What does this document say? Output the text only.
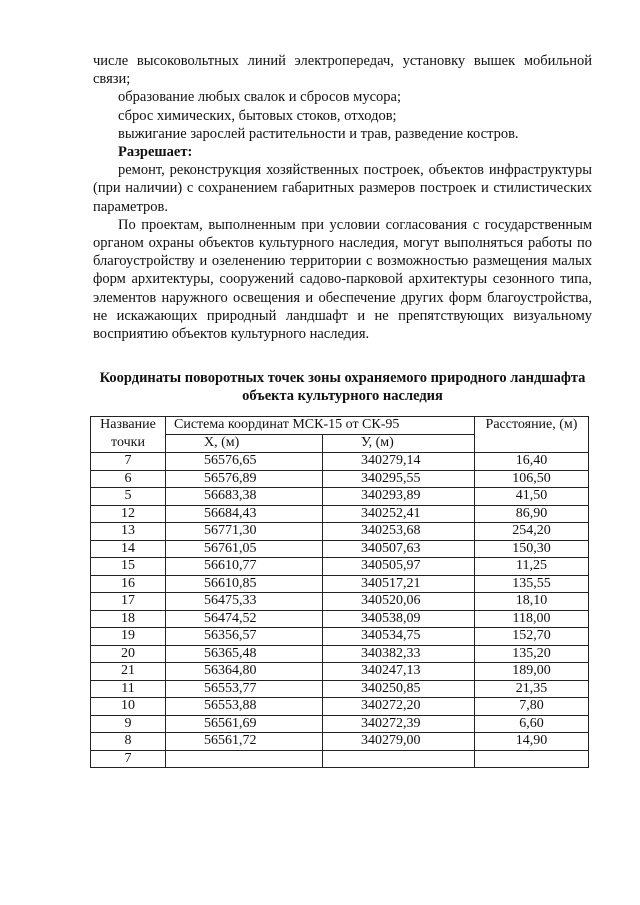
числе высоковольтных линий электропередач, установку вышек мобильной связи;

образование любых свалок и сбросов мусора;

сброс химических, бытовых стоков, отходов;

выжигание зарослей растительности и трав, разведение костров.

Разрешает:

ремонт, реконструкция хозяйственных построек, объектов инфраструктуры (при наличии) с сохранением габаритных размеров построек и стилистических параметров.

По проектам, выполненным при условии согласования с государственным органом охраны объектов культурного наследия, могут выполняться работы по благоустройству и озеленению территории с возможностью размещения малых форм архитектуры, сооружений садово-парковой архитектуры сезонного типа, элементов наружного освещения и обеспечение других форм благоустройства, не искажающих природный ландшафт и не препятствующих визуальному восприятию объектов культурного наследия.

Координаты поворотных точек зоны охраняемого природного ландшафта объекта культурного наследия
Название	Система координат МСК-15 от СК-95		Расстояние, (м)
точки	X, (м)	У, (м)	
7	56576,65	340279,14	16,40
6	56576,89	340295,55	106,50
5	56683,38	340293,89	41,50
12	56684,43	340252,41	86,90
13	56771,30	340253,68	254,20
14	56761,05	340507,63	150,30
15	56610,77	340505,97	11,25
16	56610,85	340517,21	135,55
17	56475,33	340520,06	18,10
18	56474,52	340538,09	118,00
19	56356,57	340534,75	152,70
20	56365,48	340382,33	135,20
21	56364,80	340247,13	189,00
11	56553,77	340250,85	21,35
10	56553,88	340272,20	7,80
9	56561,69	340272,39	6,60
8	56561,72	340279,00	14,90
7			
